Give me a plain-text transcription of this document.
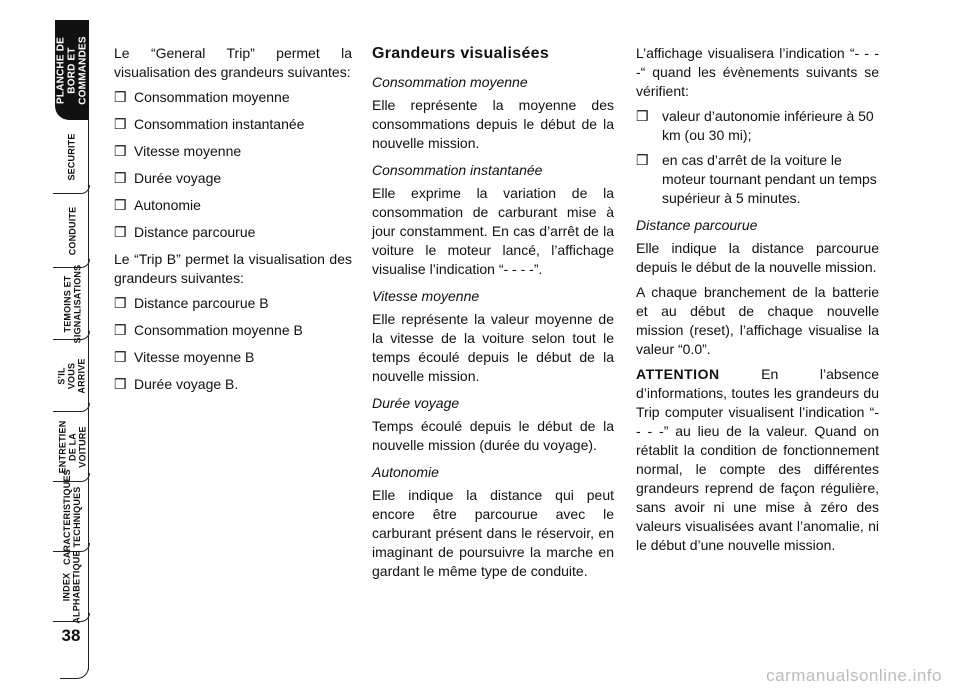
PLANCHE DE
BORD ET
COMMANDES
SECURITE
CONDUITE
TEMOINS ET
SIGNALISATIONS
S’IL VOUS
ARRIVE
ENTRETIEN
DE LA VOITURE
CARACTERISTIQUES
TECHNIQUES
INDEX
ALPHABETIQUE
38

Le “General Trip” permet la visualisation des grandeurs suivantes:

❒ Consommation moyenne
❒ Consommation instantanée
❒ Vitesse moyenne
❒ Durée voyage
❒ Autonomie
❒ Distance parcourue

Le “Trip B” permet la visualisation des grandeurs suivantes:

❒ Distance parcourue B
❒ Consommation moyenne B
❒ Vitesse moyenne B
❒ Durée voyage B.
Grandeurs visualisées
Consommation moyenne

Elle représente la moyenne des consommations depuis le début de la nouvelle mission.

Consommation instantanée

Elle exprime la variation de la consommation de carburant mise à jour constamment. En cas d’arrêt de la voiture le moteur lancé, l’affichage visualise l’indication “- - - -”.

Vitesse moyenne

Elle représente la valeur moyenne de la vitesse de la voiture selon tout le temps écoulé depuis le début de la nouvelle mission.

Durée voyage

Temps écoulé depuis le début de la nouvelle mission (durée du voyage).

Autonomie

Elle indique la distance qui peut encore être parcourue avec le carburant présent dans le réservoir, en imaginant de poursuivre la marche en gardant le même type de conduite.

L’affichage visualisera l’indication “- - - -“ quand les évènements suivants se vérifient:

❒ valeur d’autonomie inférieure à 50 km (ou 30 mi);
❒ en cas d’arrêt de la voiture le moteur tournant pendant un temps supérieur à 5 minutes.
Distance parcourue

Elle indique la distance parcourue depuis le début de la nouvelle mission.

A chaque branchement de la batterie et au début de chaque nouvelle mission (reset), l’affichage visualise la valeur “0.0”.

ATTENTION	En l’absence d’informations, toutes les grandeurs du Trip computer visualisent l’indication “- - - -” au lieu de la valeur. Quand on rétablit la condition de fonctionnement normal, le compte des différentes grandeurs reprend de façon régulière, sans avoir ni une mise à zéro des valeurs visualisées avant l’anomalie, ni le début d’une nouvelle mission.

carmanualsonline.info
